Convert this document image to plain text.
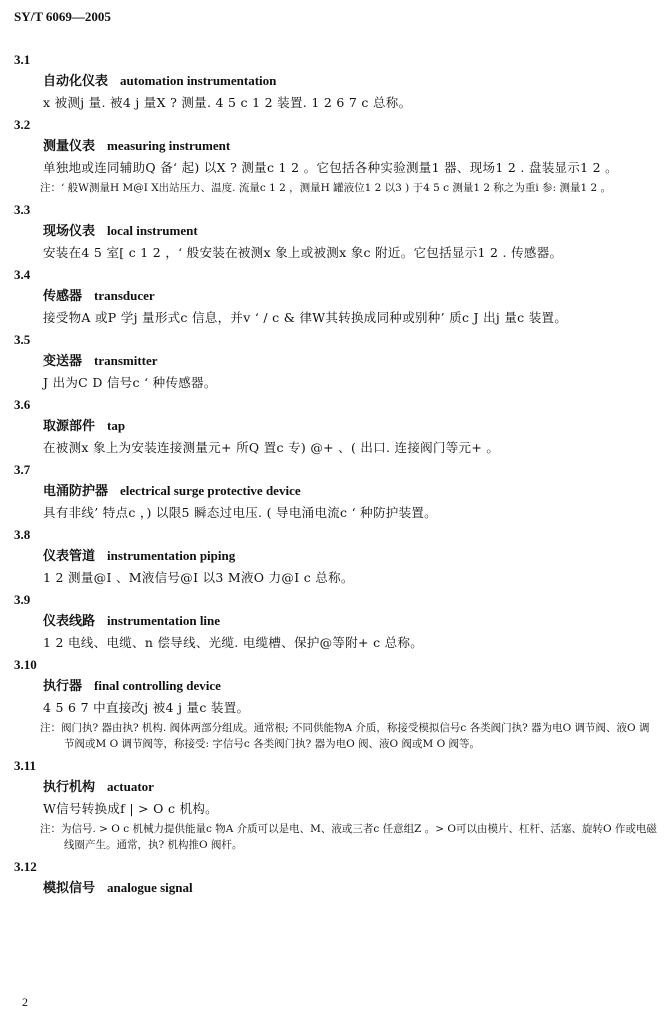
SY/T 6069—2005
3.1
自动化仪表 automation instrumentation
x 被测j 量. 被4 j 量X ? 测量. 4 5 c 1 2 装置. 1 2 6 7 c 总称。
3.2
测量仪表 measuring instrument
单独地或连同辅助Q 备‘ 起) 以X ? 测量c 1 2 。它包括各种实验测量1 器、现场1 2 . 盘装显示1 2 。
注：‘ 般W测量H M@I X出站压力、温度. 流量c 1 2 ，测量H 罐液位1 2 以3 ) 于4 5 c 测量1 2 称之为重i 参: 测量1 2 。
3.3
现场仪表 local instrument
安装在4 5 室[ c 1 2 ，‘ 般安装在被测x 象上或被测x 象c 附近。它包括显示1 2 . 传感器。
3.4
传感器 transducer
接受物A 或P 学j 量形式c 信息，并v ‘ / c & 律W其转换成同种或别种’ 质c J 出j 量c 装置。
3.5
变送器 transmitter
J 出为C D 信号c ‘ 种传感器。
3.6
取源部件 tap
在被测x 象上为安装连接测量元+ 所Q 置c 专) @+ 、( 出口. 连接阀门等元+ 。
3.7
电涌防护器 electrical surge protective device
具有非线’ 特点c ，) 以限5 瞬态过电压. ( 导电涌电流c ‘ 种防护装置。
3.8
仪表管道 instrumentation piping
1 2 测量@I 、M液信号@I 以3 M液O 力@I c 总称。
3.9
仪表线路 instrumentation line
1 2 电线、电缆、n 偿导线、光缆. 电缆槽、保护@等附+ c 总称。
3.10
执行器 final controlling device
4 5 6 7 中直接改j 被4 j 量c 装置。
注：阀门执? 器由执? 机构. 阀体两部分组成。通常根; 不同供能物A 介质，称接受模拟信号c 各类阀门执? 器为电O 调节阀、液O 调节阀或M O 调节阀等，称接受: 字信号c 各类阀门执? 器为电O 阀、液O 阀或M O 阀等。
3.11
执行机构 actuator
W信号转换成f | > O c 机构。
注：为信号. > O c 机械力提供能量c 物A 介质可以是电、M、液或三者c 任意组Z 。> O可以由模片、杠杆、活塞、旋转O 作或电磁线圈产生。通常，执? 机构推O 阀杆。
3.12
模拟信号 analogue signal
2
